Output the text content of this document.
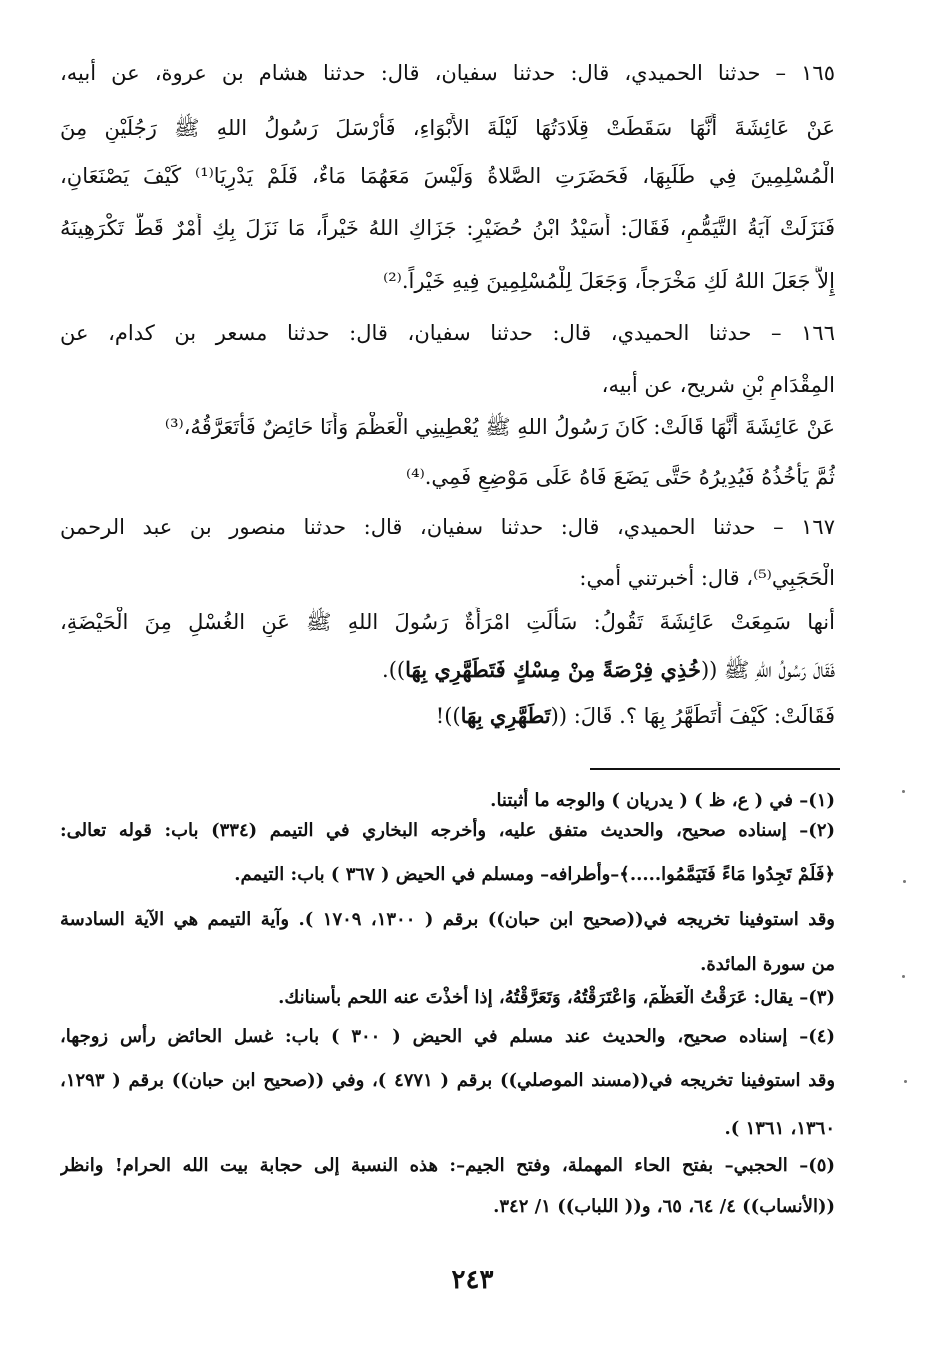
١٦٥ – حدثنا الحميدي، قال: حدثنا سفيان، قال: حدثنا هشام بن عروة، عن أبيه،
عَنْ عَائِشَةَ أَنَّهَا سَقَطَتْ قِلَادَتُهَا لَيْلَةَ الأَبْوَاءِ، فَأَرْسَلَ رَسُولُ اللهِ ﷺ رَجُلَيْنِ مِنَ
الْمُسْلِمِينَ فِي طَلَبِهَا، فَحَضَرَتِ الصَّلاةُ وَلَيْسَ مَعَهُمَا مَاءٌ، فَلَمْ يَدْرِيَا⁽¹⁾ كَيْفَ يَصْنَعَانِ،
فَنَزَلَتْ آيَةُ التَّيَمُّمِ، فَقَالَ: أُسَيْدُ ابْنُ حُضَيْرٍ: جَزَاكِ اللهُ خَيْراً، مَا نَزَلَ بِكِ أَمْرٌ قَطُّ تَكْرَهِينَهُ
إِلاَّ جَعَلَ اللهُ لَكِ مَخْرَجاً، وَجَعَلَ لِلْمُسْلِمِينَ فِيهِ خَيْراً.⁽²⁾
١٦٦ – حدثنا الحميدي، قال: حدثنا سفيان، قال: حدثنا مسعر بن كدام، عن
المِقْدَامِ بْنِ شريح، عن أبيه،
عَنْ عَائِشَةَ أَنَّهَا قَالَتْ: كَانَ رَسُولُ اللهِ ﷺ يُعْطِينِي الْعَظْمَ وَأَنَا حَائِضٌ فَأَتَعَرَّقُهُ،⁽³⁾
ثُمَّ يَأْخُذُهُ فَيُدِيرُهُ حَتَّى يَضَعَ فَاهُ عَلَى مَوْضِعِ فَمِي.⁽⁴⁾
١٦٧ – حدثنا الحميدي، قال: حدثنا سفيان، قال: حدثنا منصور بن عبد الرحمن
الْحَجَبِي⁽⁵⁾، قال: أخبرتني أمي:
أنها سَمِعَتْ عَائِشَةَ تَقُولُ: سَأَلَتِ امْرَأَةٌ رَسُولَ اللهِ ﷺ عَنِ الغُسْلِ مِنَ الْحَيْضَةِ،
فَقَالَ رَسُولُ اللهِ ﷺ ((خُذِي فِرْصَةً مِنْ مِسْكٍ فَتَطَهَّرِي بِهَا)).
فَقَالَتْ: كَيْفَ أَتَطَهَّرُ بِهَا ؟. قَالَ: ((تَطَهَّرِي بِهَا))!
(١)– في ( ع، ظ ) ( يدريان ) والوجه ما أثبتنا.
(٢)– إسناده صحيح، والحديث متفق عليه، وأخرجه البخاري في التيمم (٣٣٤) باب: قوله تعالى:
﴿فَلَمْ تَجِدُوا مَاءً فَتَيَمَّمُوا.....﴾–وأطرافه– ومسلم في الحيض ( ٣٦٧ ) باب: التيمم.
وقد استوفينا تخريجه في((صحيح ابن حبان)) برقم ( ١٣٠٠، ١٧٠٩ ). وآية التيمم هي الآية السادسة
من سورة المائدة.
(٣)– يقال: عَرَقْتُ الْعَظْمَ، وَاعْتَرَقْتُهُ، وَتَعَرَّقْتُهُ، إذا أخذْتَ عنه اللحم بأسنانك.
(٤)– إسناده صحيح، والحديث عند مسلم في الحيض ( ٣٠٠ ) باب: غسل الحائض رأس زوجها،
وقد استوفينا تخريجه في((مسند الموصلي)) برقم ( ٤٧٧١ )، وفي ((صحيح ابن حبان)) برقم ( ١٢٩٣،
١٣٦٠، ١٣٦١ ).
(٥)– الحجبي– بفتح الحاء المهملة، وفتح الجيم–: هذه النسبة إلى حجابة بيت الله الحرام! وانظر
((الأنساب)) ٤/ ٦٤، ٦٥، و(( اللباب)) ١/ ٣٤٢.
٢٤٣
